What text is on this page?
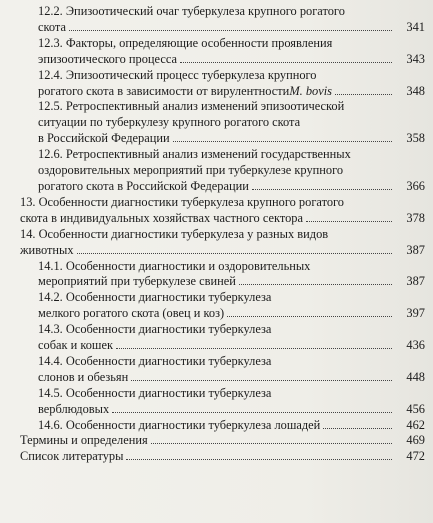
12.2. Эпизоотический очаг туберкулеза крупного рогатого
скота	341
12.3. Факторы, определяющие особенности проявления
эпизоотического процесса	343
12.4. Эпизоотический процесс туберкулеза крупного
рогатого скота в зависимости от вирулентности M. bovis	348
12.5. Ретроспективный анализ изменений эпизоотической
ситуации по туберкулезу крупного рогатого скота
в Российской Федерации	358
12.6. Ретроспективный анализ изменений государственных
оздоровительных мероприятий при туберкулезе крупного
рогатого скота в Российской Федерации	366
13. Особенности диагностики туберкулеза крупного рогатого
скота в индивидуальных хозяйствах частного сектора	378
14. Особенности диагностики туберкулеза у разных видов
животных	387
14.1. Особенности диагностики и оздоровительных
мероприятий при туберкулезе свиней	387
14.2. Особенности диагностики туберкулеза
мелкого рогатого скота (овец и коз)	397
14.3. Особенности диагностики туберкулеза
собак и кошек	436
14.4. Особенности диагностики туберкулеза
слонов и обезьян	448
14.5. Особенности диагностики туберкулеза
верблюдовых	456
14.6. Особенности диагностики туберкулеза лошадей	462
Термины и определения	469
Список литературы	472
